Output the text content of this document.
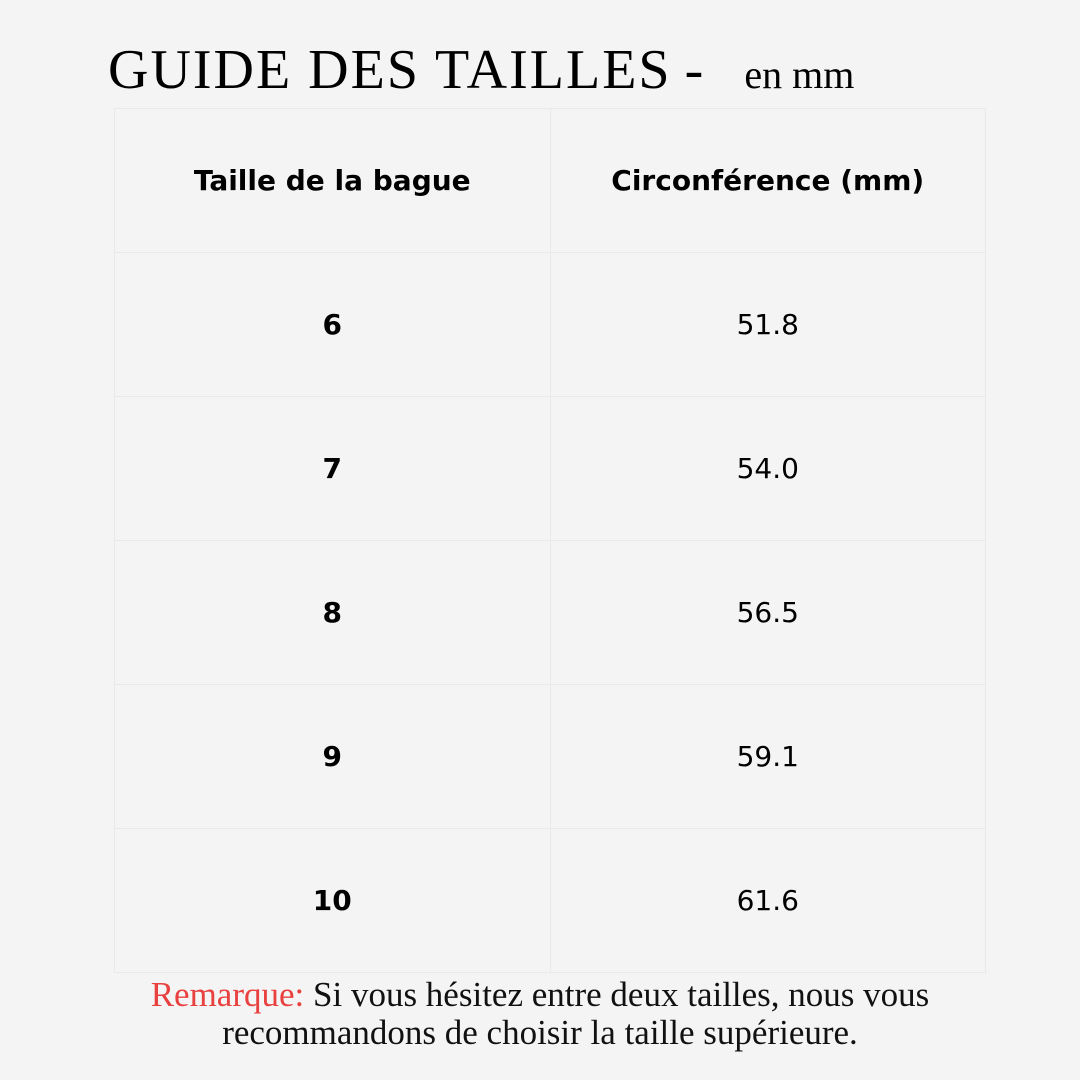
GUIDE DES TAILLES - en mm
Taille de la bague	Circonférence (mm)
6	51.8
7	54.0
8	56.5
9	59.1
10	61.6
Remarque: Si vous hésitez entre deux tailles, nous vous
recommandons de choisir la taille supérieure.
